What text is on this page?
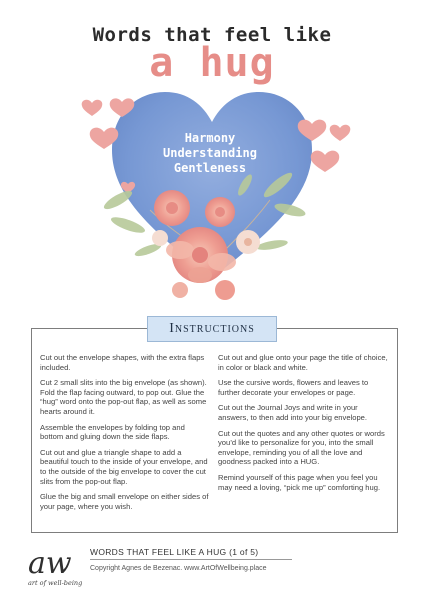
Words that feel like
a hug
Harmony
Understanding
Gentleness
Instructions

Cut out the envelope shapes, with the extra flaps included.

Cut 2 small slits into the big envelope (as shown). Fold the flap facing outward, to pop out. Glue the “hug” word onto the pop-out flap, as well as some hearts around it.

Assemble the envelopes by folding top and bottom and gluing down the side flaps.

Cut out and glue a triangle shape to add a beautiful touch to the inside of your envelope, and to the outside of the big envelope to cover the cut slits from the pop-out flap.

Glue the big and small envelope on either sides of your page, where you wish.

Cut out and glue onto your page the title of choice, in color or black and white.

Use the cursive words, flowers and leaves to further decorate your envelopes or page.

Cut out the Journal Joys and write in your answers, to then add into your big envelope.

Cut out the quotes and any other quotes or words you’d like to personalize for you, into the small envelope, reminding you of all the love and goodness packed into a HUG.

Remind yourself of this page when you feel you may need a loving, “pick me up” comforting hug.

aw
art of well-being
WORDS THAT FEEL LIKE A HUG (1 of 5)
Copyright Agnes de Bezenac. www.ArtOfWellbeing.place
